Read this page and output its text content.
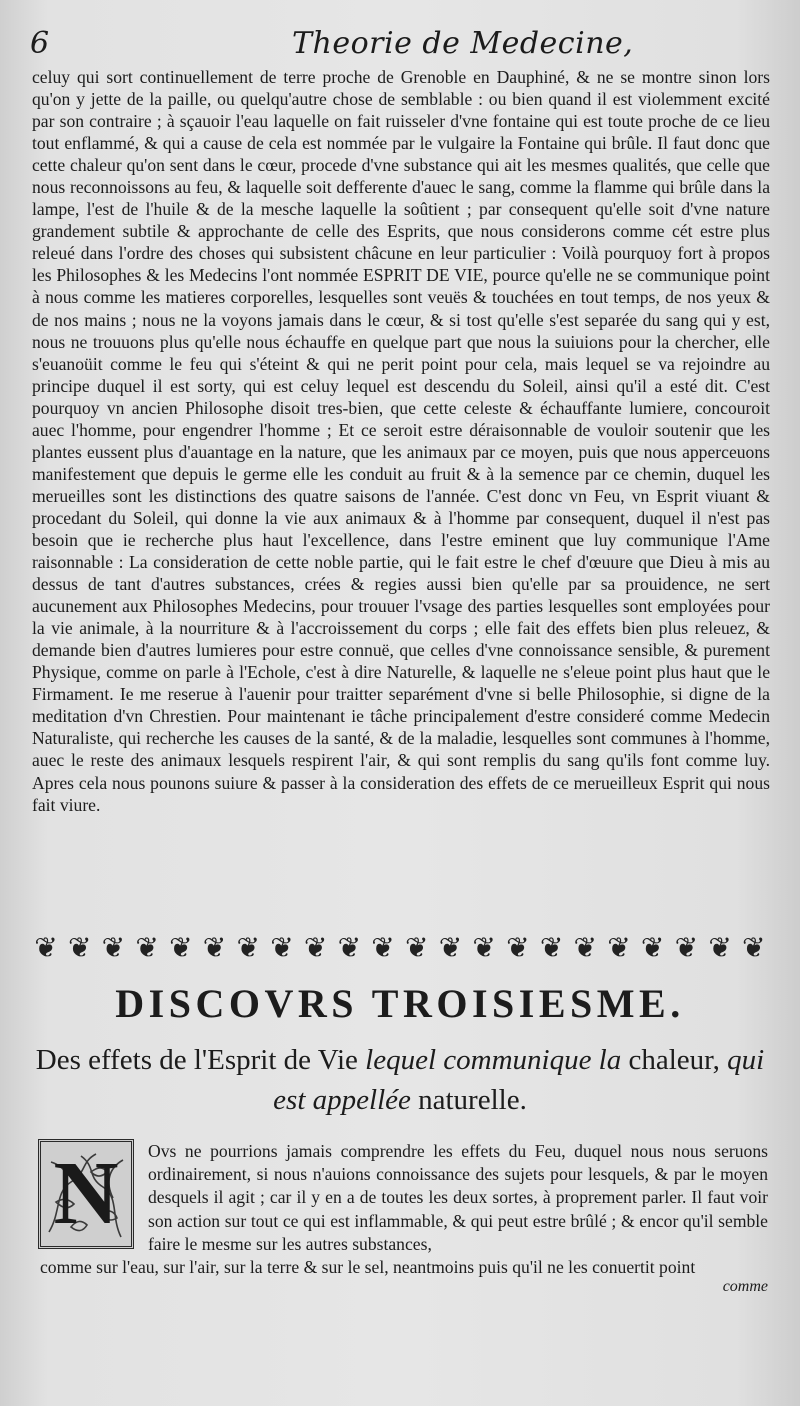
6	Theorie de Medecine,

celuy qui sort continuellement de terre proche de Grenoble en Dauphiné, & ne se montre sinon lors qu'on y jette de la paille, ou quelqu'autre chose de semblable : ou bien quand il est violemment excité par son contraire ; à sçauoir l'eau laquelle on fait ruisseler d'vne fontaine qui est toute proche de ce lieu tout enflammé, & qui a cause de cela est nommée par le vulgaire la Fontaine qui brûle. Il faut donc que cette chaleur qu'on sent dans le cœur, procede d'vne substance qui ait les mesmes qualités, que celle que nous reconnoissons au feu, & laquelle soit defferente d'auec le sang, comme la flamme qui brûle dans la lampe, l'est de l'huile & de la mesche laquelle la soûtient ; par consequent qu'elle soit d'vne nature grandement subtile & approchante de celle des Esprits, que nous considerons comme cét estre plus releué dans l'ordre des choses qui subsistent châcune en leur particulier : Voilà pourquoy fort à propos les Philosophes & les Medecins l'ont nommée ESPRIT DE VIE, pource qu'elle ne se communique point à nous comme les matieres corporelles, lesquelles sont veuës & touchées en tout temps, de nos yeux & de nos mains ; nous ne la voyons jamais dans le cœur, & si tost qu'elle s'est separée du sang qui y est, nous ne trouuons plus qu'elle nous échauffe en quelque part que nous la suiuions pour la chercher, elle s'euanoüit comme le feu qui s'éteint & qui ne perit point pour cela, mais lequel se va rejoindre au principe duquel il est sorty, qui est celuy lequel est descendu du Soleil, ainsi qu'il a esté dit. C'est pourquoy vn ancien Philosophe disoit tres-bien, que cette celeste & échauffante lumiere, concouroit auec l'homme, pour engendrer l'homme ; Et ce seroit estre déraisonnable de vouloir soutenir que les plantes eussent plus d'auantage en la nature, que les animaux par ce moyen, puis que nous apperceuons manifestement que depuis le germe elle les conduit au fruit & à la semence par ce chemin, duquel les merueilles sont les distinctions des quatre saisons de l'année. C'est donc vn Feu, vn Esprit viuant & procedant du Soleil, qui donne la vie aux animaux & à l'homme par consequent, duquel il n'est pas besoin que ie recherche plus haut l'excellence, dans l'estre eminent que luy communique l'Ame raisonnable : La consideration de cette noble partie, qui le fait estre le chef d'œuure que Dieu à mis au dessus de tant d'autres substances, crées & regies aussi bien qu'elle par sa prouidence, ne sert aucunement aux Philosophes Medecins, pour trouuer l'vsage des parties lesquelles sont employées pour la vie animale, à la nourriture & à l'accroissement du corps ; elle fait des effets bien plus releuez, & demande bien d'autres lumieres pour estre connuë, que celles d'vne connoissance sensible, & purement Physique, comme on parle à l'Echole, c'est à dire Naturelle, & laquelle ne s'eleue point plus haut que le Firmament. Ie me reserue à l'auenir pour traitter separément d'vne si belle Philosophie, si digne de la meditation d'vn Chrestien. Pour maintenant ie tâche principalement d'estre consideré comme Medecin Naturaliste, qui recherche les causes de la santé, & de la maladie, lesquelles sont communes à l'homme, auec le reste des animaux lesquels respirent l'air, & qui sont remplis du sang qu'ils font comme luy. Apres cela nous pounons suiure & passer à la consideration des effets de ce merueilleux Esprit qui nous fait viure.

❦ ❦ ❦ ❦ ❦ ❦ ❦ ❦ ❦ ❦ ❦ ❦ ❦ ❦ ❦ ❦ ❦ ❦ ❦ ❦ ❦ ❦
DISCOVRS TROISIESME.
Des effets de l'Esprit de Vie lequel communique la chaleur, qui est appellée naturelle.
N Ovs ne pourrions jamais comprendre les effets du Feu, duquel nous nous seruons ordinairement, si nous n'auions connoissance des sujets pour lesquels, & par le moyen desquels il agit ; car il y en a de toutes les deux sortes, à proprement parler. Il faut voir son action sur tout ce qui est inflammable, & qui peut estre brûlé ; & encor qu'il semble faire le mesme sur les autres substances,
comme sur l'eau, sur l'air, sur la terre & sur le sel, neantmoins puis qu'il ne les conuertit point
comme
